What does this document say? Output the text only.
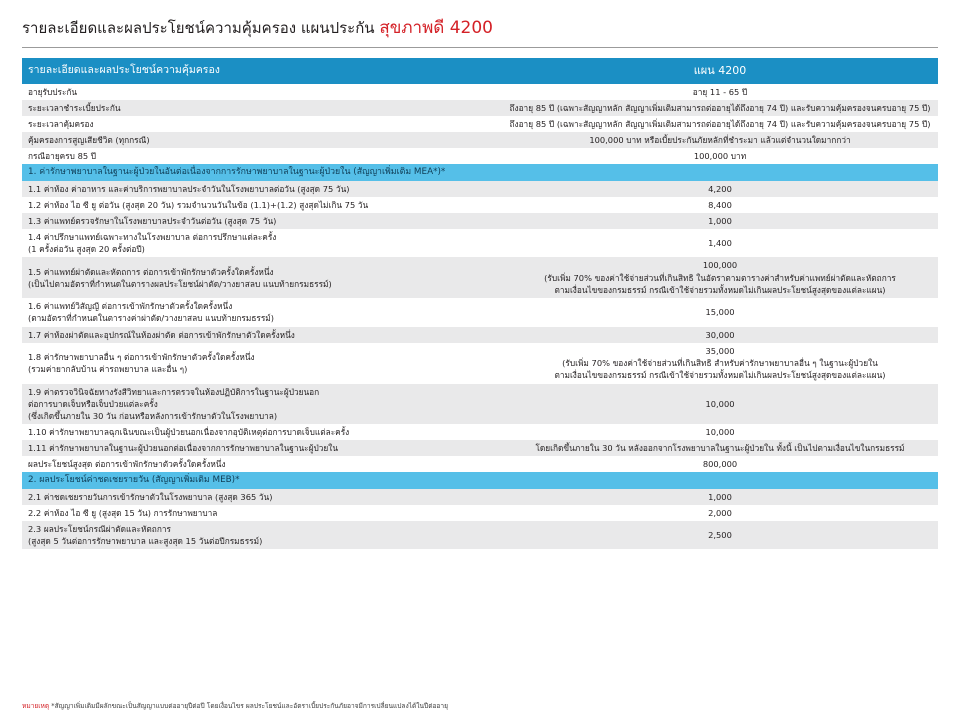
รายละเอียดและผลประโยชน์ความคุ้มครอง แผนประกัน สุขภาพดี 4200
รายละเอียดและผลประโยชน์ความคุ้มครอง	แผน 4200

อายุรับประกัน	อายุ 11 - 65 ปี

ระยะเวลาชำระเบี้ยประกัน	ถึงอายุ 85 ปี (เฉพาะสัญญาหลัก สัญญาเพิ่มเติมสามารถต่ออายุได้ถึงอายุ 74 ปี) และรับความคุ้มครองจนครบอายุ 75 ปี)

ระยะเวลาคุ้มครอง	ถึงอายุ 85 ปี (เฉพาะสัญญาหลัก สัญญาเพิ่มเติมสามารถต่ออายุได้ถึงอายุ 74 ปี) และรับความคุ้มครองจนครบอายุ 75 ปี)

คุ้มครองการสูญเสียชีวิต (ทุกกรณี)	100,000 บาท หรือเบี้ยประกันภัยหลักที่ชำระมา แล้วแต่จำนวนใดมากกว่า

กรณีอายุครบ 85 ปี	100,000 บาท
1. ค่ารักษาพยาบาลในฐานะผู้ป่วยในอันต่อเนื่องจากการรักษาพยาบาลในฐานะผู้ป่วยใน (สัญญาเพิ่มเติม MEA*)*	

1.1 ค่าห้อง ค่าอาหาร และค่าบริการพยาบาลประจำวันในโรงพยาบาลต่อวัน (สูงสุด 75 วัน)	4,200

1.2 ค่าห้อง ไอ ซี ยู ต่อวัน (สูงสุด 20 วัน) รวมจำนวนวันในข้อ (1.1)+(1.2) สูงสุดไม่เกิน 75 วัน	8,400

1.3 ค่าแพทย์ตรวจรักษาในโรงพยาบาลประจำวันต่อวัน (สูงสุด 75 วัน)	1,000

1.4 ค่าปรึกษาแพทย์เฉพาะทางในโรงพยาบาล ต่อการปรึกษาแต่ละครั้ง
(1 ครั้งต่อวัน สูงสุด 20 ครั้งต่อปี)	1,400

1.5 ค่าแพทย์ผ่าตัดและหัตถการ ต่อการเข้าพักรักษาตัวครั้งใดครั้งหนึ่ง
(เป็นไปตามอัตราที่กำหนดในตารางผลประโยชน์ผ่าตัด/วางยาสลบ แนบท้ายกรมธรรม์)	100,000
(รับเพิ่ม 70% ของค่าใช้จ่ายส่วนที่เกินสิทธิ ในอัตราตามตารางค่าสำหรับค่าแพทย์ผ่าตัดและหัตถการ
ตามเงื่อนไขของกรมธรรม์ กรณีเข้าใช้จ่ายรวมทั้งหมดไม่เกินผลประโยชน์สูงสุดของแต่ละแผน)

1.6 ค่าแพทย์วิสัญญี ต่อการเข้าพักรักษาตัวครั้งใดครั้งหนึ่ง
(ตามอัตราที่กำหนดในตารางค่าผ่าตัด/วางยาสลบ แนบท้ายกรมธรรม์)	15,000

1.7 ค่าห้องผ่าตัดและอุปกรณ์ในห้องผ่าตัด ต่อการเข้าพักรักษาตัวใดครั้งหนึ่ง	30,000

1.8 ค่ารักษาพยาบาลอื่น ๆ ต่อการเข้าพักรักษาตัวครั้งใดครั้งหนึ่ง
(รวมค่ายากลับบ้าน ค่ารถพยาบาล และอื่น ๆ)	35,000
(รับเพิ่ม 70% ของค่าใช้จ่ายส่วนที่เกินสิทธิ สำหรับค่ารักษาพยาบาลอื่น ๆ ในฐานะผู้ป่วยใน
ตามเงื่อนไขของกรมธรรม์ กรณีเข้าใช้จ่ายรวมทั้งหมดไม่เกินผลประโยชน์สูงสุดของแต่ละแผน)

1.9 ค่าตรวจวินิจฉัยทางรังสีวิทยาและการตรวจในห้องปฏิบัติการในฐานะผู้ป่วยนอก
ต่อการบาดเจ็บหรือเจ็บป่วยแต่ละครั้ง
(ซึ่งเกิดขึ้นภายใน 30 วัน ก่อนหรือหลังการเข้ารักษาตัวในโรงพยาบาล)	10,000

1.10 ค่ารักษาพยาบาลฉุกเฉินขณะเป็นผู้ป่วยนอกเนื่องจากอุบัติเหตุต่อการบาดเจ็บแต่ละครั้ง	10,000

1.11 ค่ารักษาพยาบาลในฐานะผู้ป่วยนอกต่อเนื่องจากการรักษาพยาบาลในฐานะผู้ป่วยใน	โดยเกิดขึ้นภายใน 30 วัน หลังออกจากโรงพยาบาลในฐานะผู้ป่วยใน ทั้งนี้ เป็นไปตามเงื่อนไขในกรมธรรม์

ผลประโยชน์สูงสุด ต่อการเข้าพักรักษาตัวครั้งใดครั้งหนึ่ง	800,000
2. ผลประโยชน์ค่าชดเชยรายวัน (สัญญาเพิ่มเติม MEB)*	

2.1 ค่าชดเชยรายวันการเข้ารักษาตัวในโรงพยาบาล (สูงสุด 365 วัน)	1,000

2.2 ค่าห้อง ไอ ซี ยู (สูงสุด 15 วัน) การรักษาพยาบาล	2,000

2.3 ผลประโยชน์กรณีผ่าตัดและหัตถการ
(สูงสุด 5 วันต่อการรักษาพยาบาล และสูงสุด 15 วันต่อปีกรมธรรม์)	2,500
หมายเหตุ *สัญญาเพิ่มเติมมีผลักขณะเป็นสัญญาแบบต่ออายุปีต่อปี โดยเงื่อนไขร ผลประโยชน์และอัตราเบี้ยประกันภัยอาจมีการเปลี่ยนแปลงได้ในปีต่ออายุ
